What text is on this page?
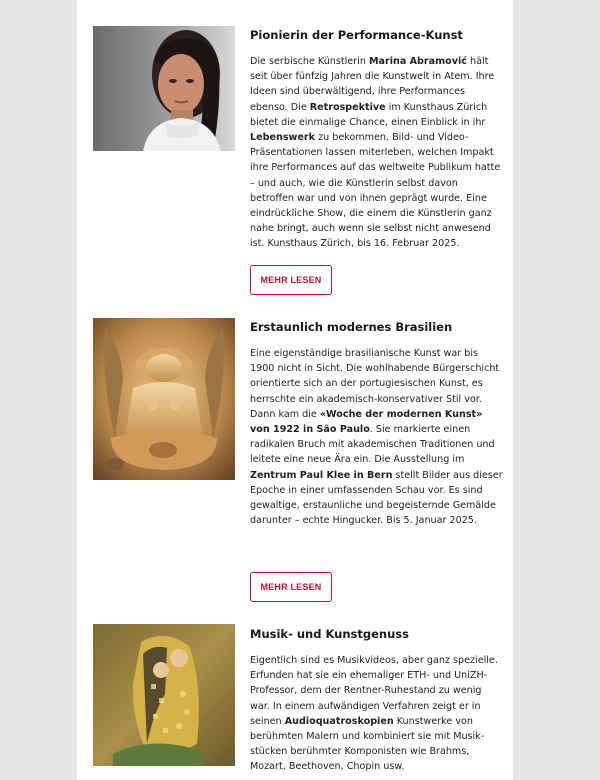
Pionierin der Performance-Kunst

Die serbische Künstlerin Marina Abramović hält seit über fünfzig Jahren die Kunstwelt in Atem. Ihre Ideen sind überwältigend, ihre Performances ebenso. Die Retrospektive im Kunsthaus Zürich bietet die einmalige Chance, einen Einblick in ihr Lebenswerk zu bekommen. Bild- und Video-Präsentationen lassen miterleben, welchen Impakt ihre Performances auf das weltweite Publikum hatte – und auch, wie die Künstlerin selbst davon betroffen war und von ihnen geprägt wurde. Eine eindrückliche Show, die einem die Künstlerin ganz nahe bringt, auch wenn sie selbst nicht anwesend ist. Kunsthaus Zürich, bis 16. Februar 2025.

MEHR LESEN
Erstaunlich modernes Brasilien

Eine eigenständige brasilianische Kunst war bis 1900 nicht in Sicht. Die wohlhabende Bürgerschicht orientierte sich an der portugiesischen Kunst, es herrschte ein akademisch-konservativer Stil vor. Dann kam die «Woche der modernen Kunst» von 1922 in São Paulo. Sie markierte einen radikalen Bruch mit akademischen Traditionen und leitete eine neue Ära ein. Die Ausstellung im Zentrum Paul Klee in Bern stellt Bilder aus dieser Epoche in einer umfassenden Schau vor. Es sind gewaltige, erstaunliche und begeisternde Gemälde darunter – echte Hingucker. Bis 5. Januar 2025.

MEHR LESEN
Musik- und Kunstgenuss

Eigentlich sind es Musikvideos, aber ganz spezielle. Erfunden hat sie ein ehemaliger ETH- und UniZH-Professor, dem der Rentner-Ruhestand zu wenig war. In einem aufwändigen Verfahren zeigt er in seinen Audioquatroskopien Kunstwerke von berühmten Malern und kombiniert sie mit Musik-stücken berühmter Komponisten wie Brahms, Mozart, Beethoven, Chopin usw.
